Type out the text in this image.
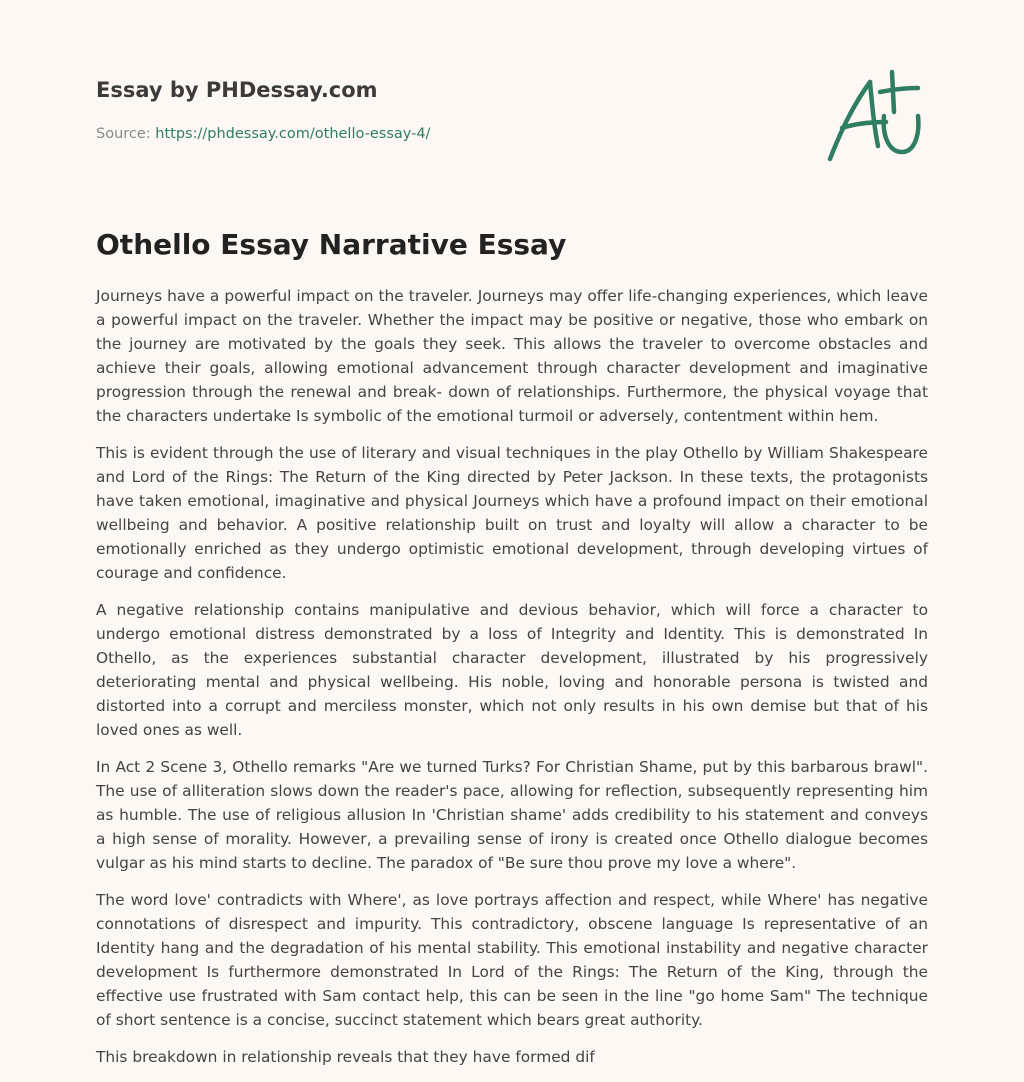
Essay by PHDessay.com
Source: https://phdessay.com/othello-essay-4/
Othello Essay Narrative Essay

Journeys have a powerful impact on the traveler. Journeys may offer life-changing experiences, which leave a powerful impact on the traveler. Whether the impact may be positive or negative, those who embark on the journey are motivated by the goals they seek. This allows the traveler to overcome obstacles and achieve their goals, allowing emotional advancement through character development and imaginative progression through the renewal and break- down of relationships. Furthermore, the physical voyage that the characters undertake Is symbolic of the emotional turmoil or adversely, contentment within hem.

This is evident through the use of literary and visual techniques in the play Othello by William Shakespeare and Lord of the Rings: The Return of the King directed by Peter Jackson. In these texts, the protagonists have taken emotional, imaginative and physical Journeys which have a profound impact on their emotional wellbeing and behavior. A positive relationship built on trust and loyalty will allow a character to be emotionally enriched as they undergo optimistic emotional development, through developing virtues of courage and confidence.

A negative relationship contains manipulative and devious behavior, which will force a character to undergo emotional distress demonstrated by a loss of Integrity and Identity. This is demonstrated In Othello, as the experiences substantial character development, illustrated by his progressively deteriorating mental and physical wellbeing. His noble, loving and honorable persona is twisted and distorted into a corrupt and merciless monster, which not only results in his own demise but that of his loved ones as well.

In Act 2 Scene 3, Othello remarks "Are we turned Turks? For Christian Shame, put by this barbarous brawl". The use of alliteration slows down the reader's pace, allowing for reflection, subsequently representing him as humble. The use of religious allusion In 'Christian shame' adds credibility to his statement and conveys a high sense of morality. However, a prevailing sense of irony is created once Othello dialogue becomes vulgar as his mind starts to decline. The paradox of "Be sure thou prove my love a where".

The word love' contradicts with Where', as love portrays affection and respect, while Where' has negative connotations of disrespect and impurity. This contradictory, obscene language Is representative of an Identity hang and the degradation of his mental stability. This emotional instability and negative character development Is furthermore demonstrated In Lord of the Rings: The Return of the King, through the effective use frustrated with Sam contact help, this can be seen in the line "go home Sam" The technique of short sentence is a concise, succinct statement which bears great authority.

This breakdown in relationship reveals that they have formed dif
